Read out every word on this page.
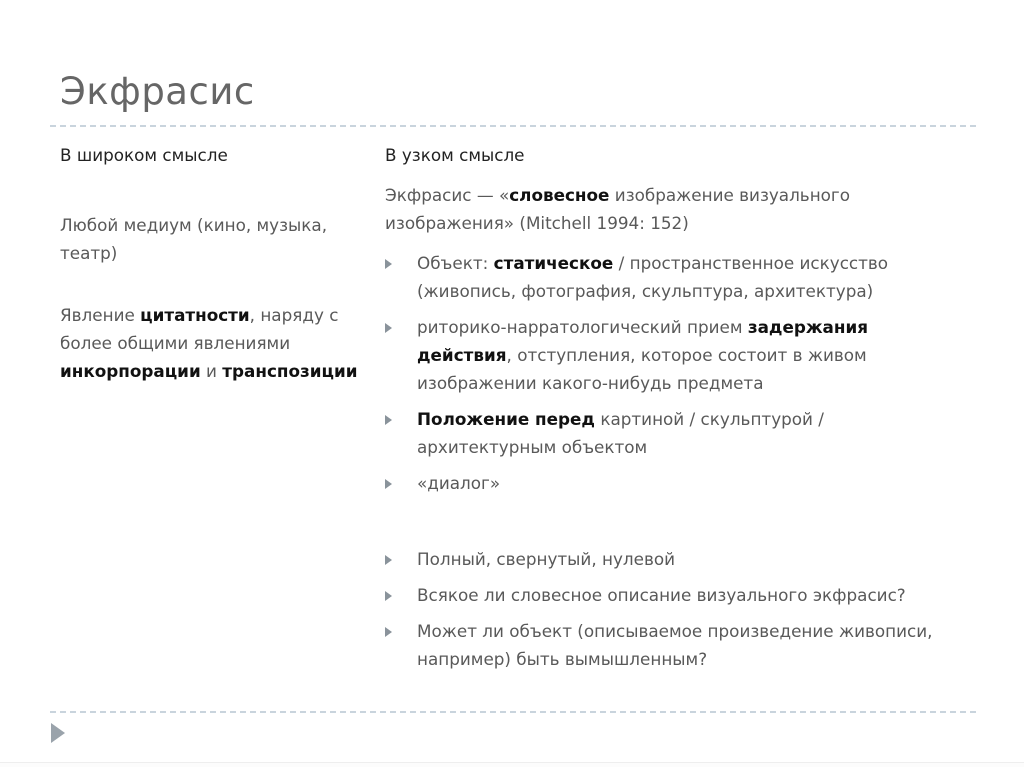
Экфрасис

В широком смысле

Любой медиум (кино, музыка, театр)

Явление цитатности, наряду с более общими явлениями инкорпорации и транспозиции

В узком смысле

Экфрасис — «словесное изображение визуального изображения» (Mitchell 1994: 152)

Объект: статическое / пространственное искусство (живопись, фотография, скульптура, архитектура)
риторико-нарратологический прием задержания действия, отступления, которое состоит в живом изображении какого-нибудь предмета
Положение перед картиной / скульптурой / архитектурным объектом
«диалог»
Полный, свернутый, нулевой
Всякое ли словесное описание визуального экфрасис?
Может ли объект (описываемое произведение живописи, например) быть вымышленным?
